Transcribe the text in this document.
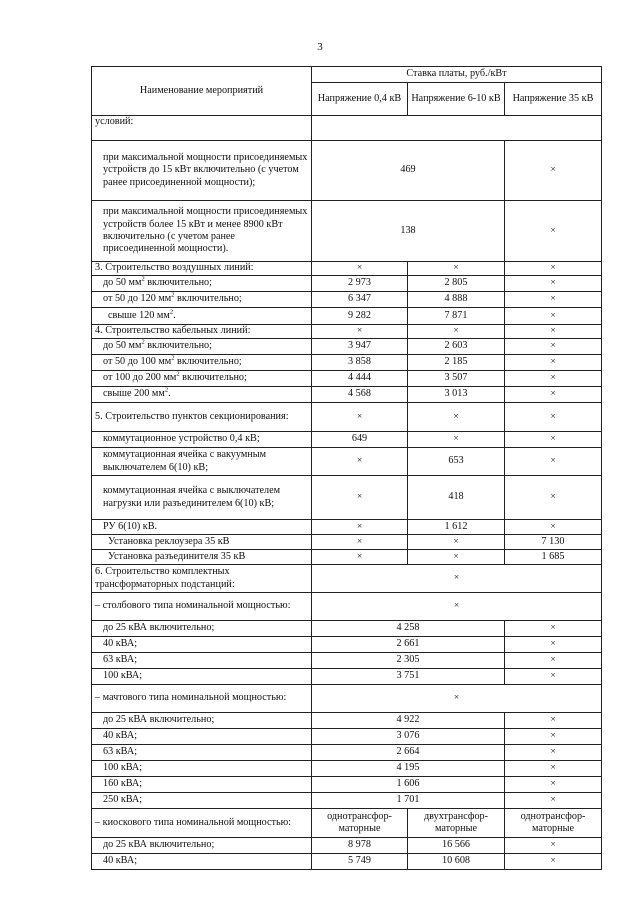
3
Наименование мероприятий	Ставка платы, руб./кВт		
	Напряжение 0,4 кВ	Напряжение 6-10 кВ	Напряжение 35 кВ
условий:			
при максимальной мощности присоединяемых устройств до 15 кВт включительно (с учетом ранее присоединенной мощности);	469		×
при максимальной мощности присоединяемых устройств более 15 кВт и менее 8900 кВт включительно (с учетом ранее присоединенной мощности).	138		×
3. Строительство воздушных линий:	×	×	×
до 50 $мм^2$ включительно;	2 973	2 805	×
от 50 до 120 $мм^2$ включительно;	6 347	4 888	×
свыше 120 $мм^2$.	9 282	7 871	×
4. Строительство кабельных линий:	×	×	×
до 50 $мм^2$ включительно;	3 947	2 603	×
от 50 до 100 $мм^2$ включительно;	3 858	2 185	×
от 100 до 200 $мм^2$ включительно;	4 444	3 507	×
свыше 200 $мм^2$.	4 568	3 013	×
5. Строительство пунктов секционирования:	×	×	×
коммутационное устройство 0,4 кВ;	649	×	×
коммутационная ячейка с вакуумным выключателем 6(10) кВ;	×	653	×
коммутационная ячейка с выключателем нагрузки или разъединителем 6(10) кВ;	×	418	×
РУ 6(10) кВ.	×	1 612	×
Установка реклоузера 35 кВ	×	×	7 130
Установка разъединителя 35 кВ	×	×	1 685
6. Строительство комплектных трансформаторных подстанций:	×		
– столбового типа номинальной мощностью:	×		
до 25 кВА включительно;	4 258		×
40 кВА;	2 661		×
63 кВА;	2 305		×
100 кВА;	3 751		×
– мачтового типа номинальной мощностью:	×		
до 25 кВА включительно;	4 922		×
40 кВА;	3 076		×
63 кВА;	2 664		×
100 кВА;	4 195		×
160 кВА;	1 606		×
250 кВА;	1 701		×
– киоскового типа номинальной мощностью:	однотрансфор-маторные	двухтрансфор-маторные	однотрансфор-маторные
до 25 кВА включительно;	8 978	16 566	×
40 кВА;	5 749	10 608	×
